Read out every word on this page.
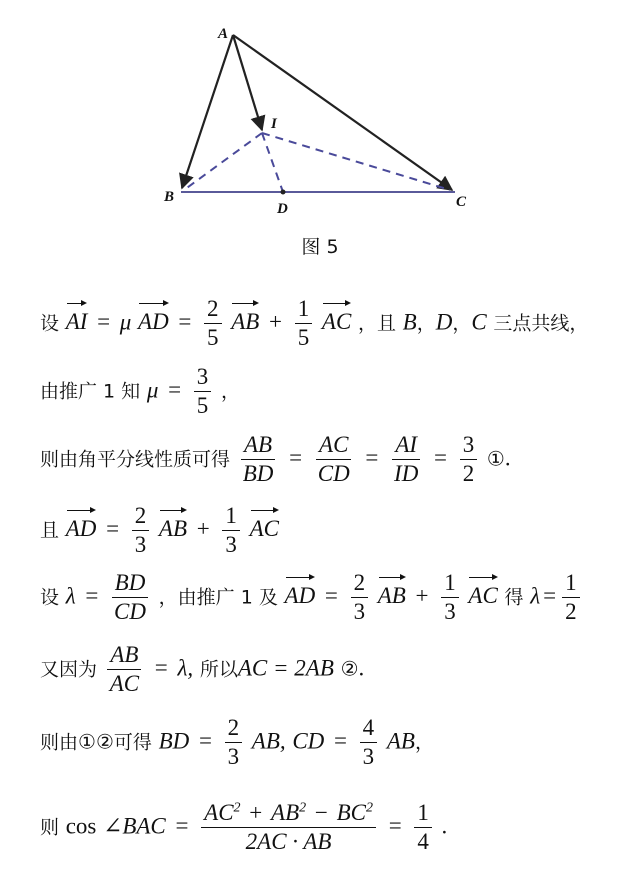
A
I
B
D	C
图 5
设 AI = μ AD = $\frac{2}{5}$ AB + $\frac{1}{5}$ AC ，且 B，D，C 三点共线，
由推广 1 知 $\mu = \frac{3}{5}$ ，
则由角平分线性质可得 $\frac{AB}{BD} = \frac{AC}{CD} = \frac{AI}{ID} = \frac{3}{2}$ ①.
且 AD = $\frac{2}{3}$ AB + $\frac{1}{3}$ AC
设 $\lambda = \frac{BD}{CD}$ ，由推广 1 及 AD = $\frac{2}{3}$ AB + $\frac{1}{3}$ AC 得 $\lambda = \frac{1}{2}$
又因为 $\frac{AB}{AC} = \lambda$, 所以AC = 2AB ②.
则由①②可得 BD = $\frac{2}{3}$ AB, CD = $\frac{4}{3}$ AB，
则 cos ∠BAC = $\frac{AC^2 + AB^2 - BC^2}{2AC \cdot AB} = \frac{1}{4}$ .
